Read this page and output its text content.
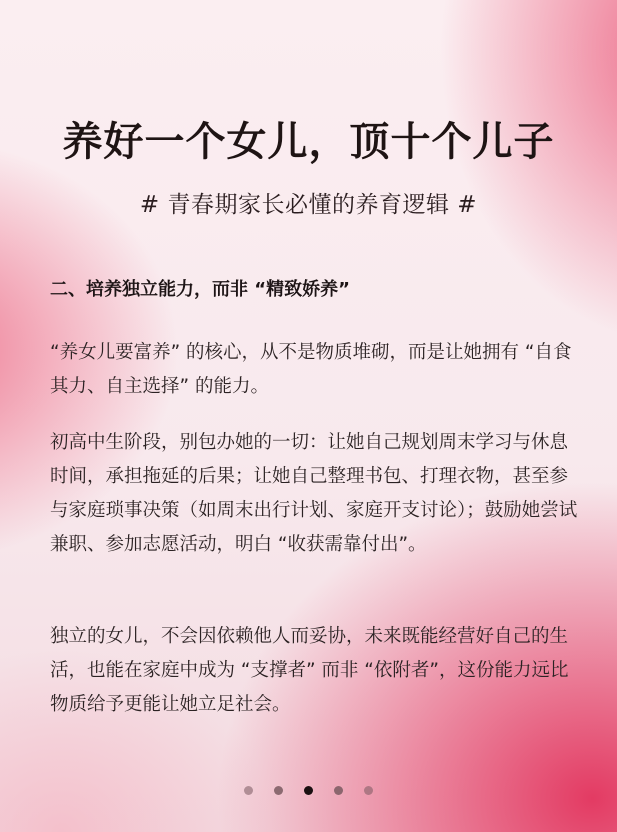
养好一个女儿，顶十个儿子
# 青春期家长必懂的养育逻辑 #
二、培养独立能力，而非 “精致娇养”

“养女儿要富养” 的核心，从不是物质堆砌，而是让她拥有 “自食其力、自主选择” 的能力。

初高中生阶段，别包办她的一切：让她自己规划周末学习与休息时间，承担拖延的后果；让她自己整理书包、打理衣物，甚至参与家庭琐事决策（如周末出行计划、家庭开支讨论）；鼓励她尝试兼职、参加志愿活动，明白 “收获需靠付出”。

独立的女儿，不会因依赖他人而妥协，未来既能经营好自己的生活，也能在家庭中成为 “支撑者” 而非 “依附者”，这份能力远比物质给予更能让她立足社会。
